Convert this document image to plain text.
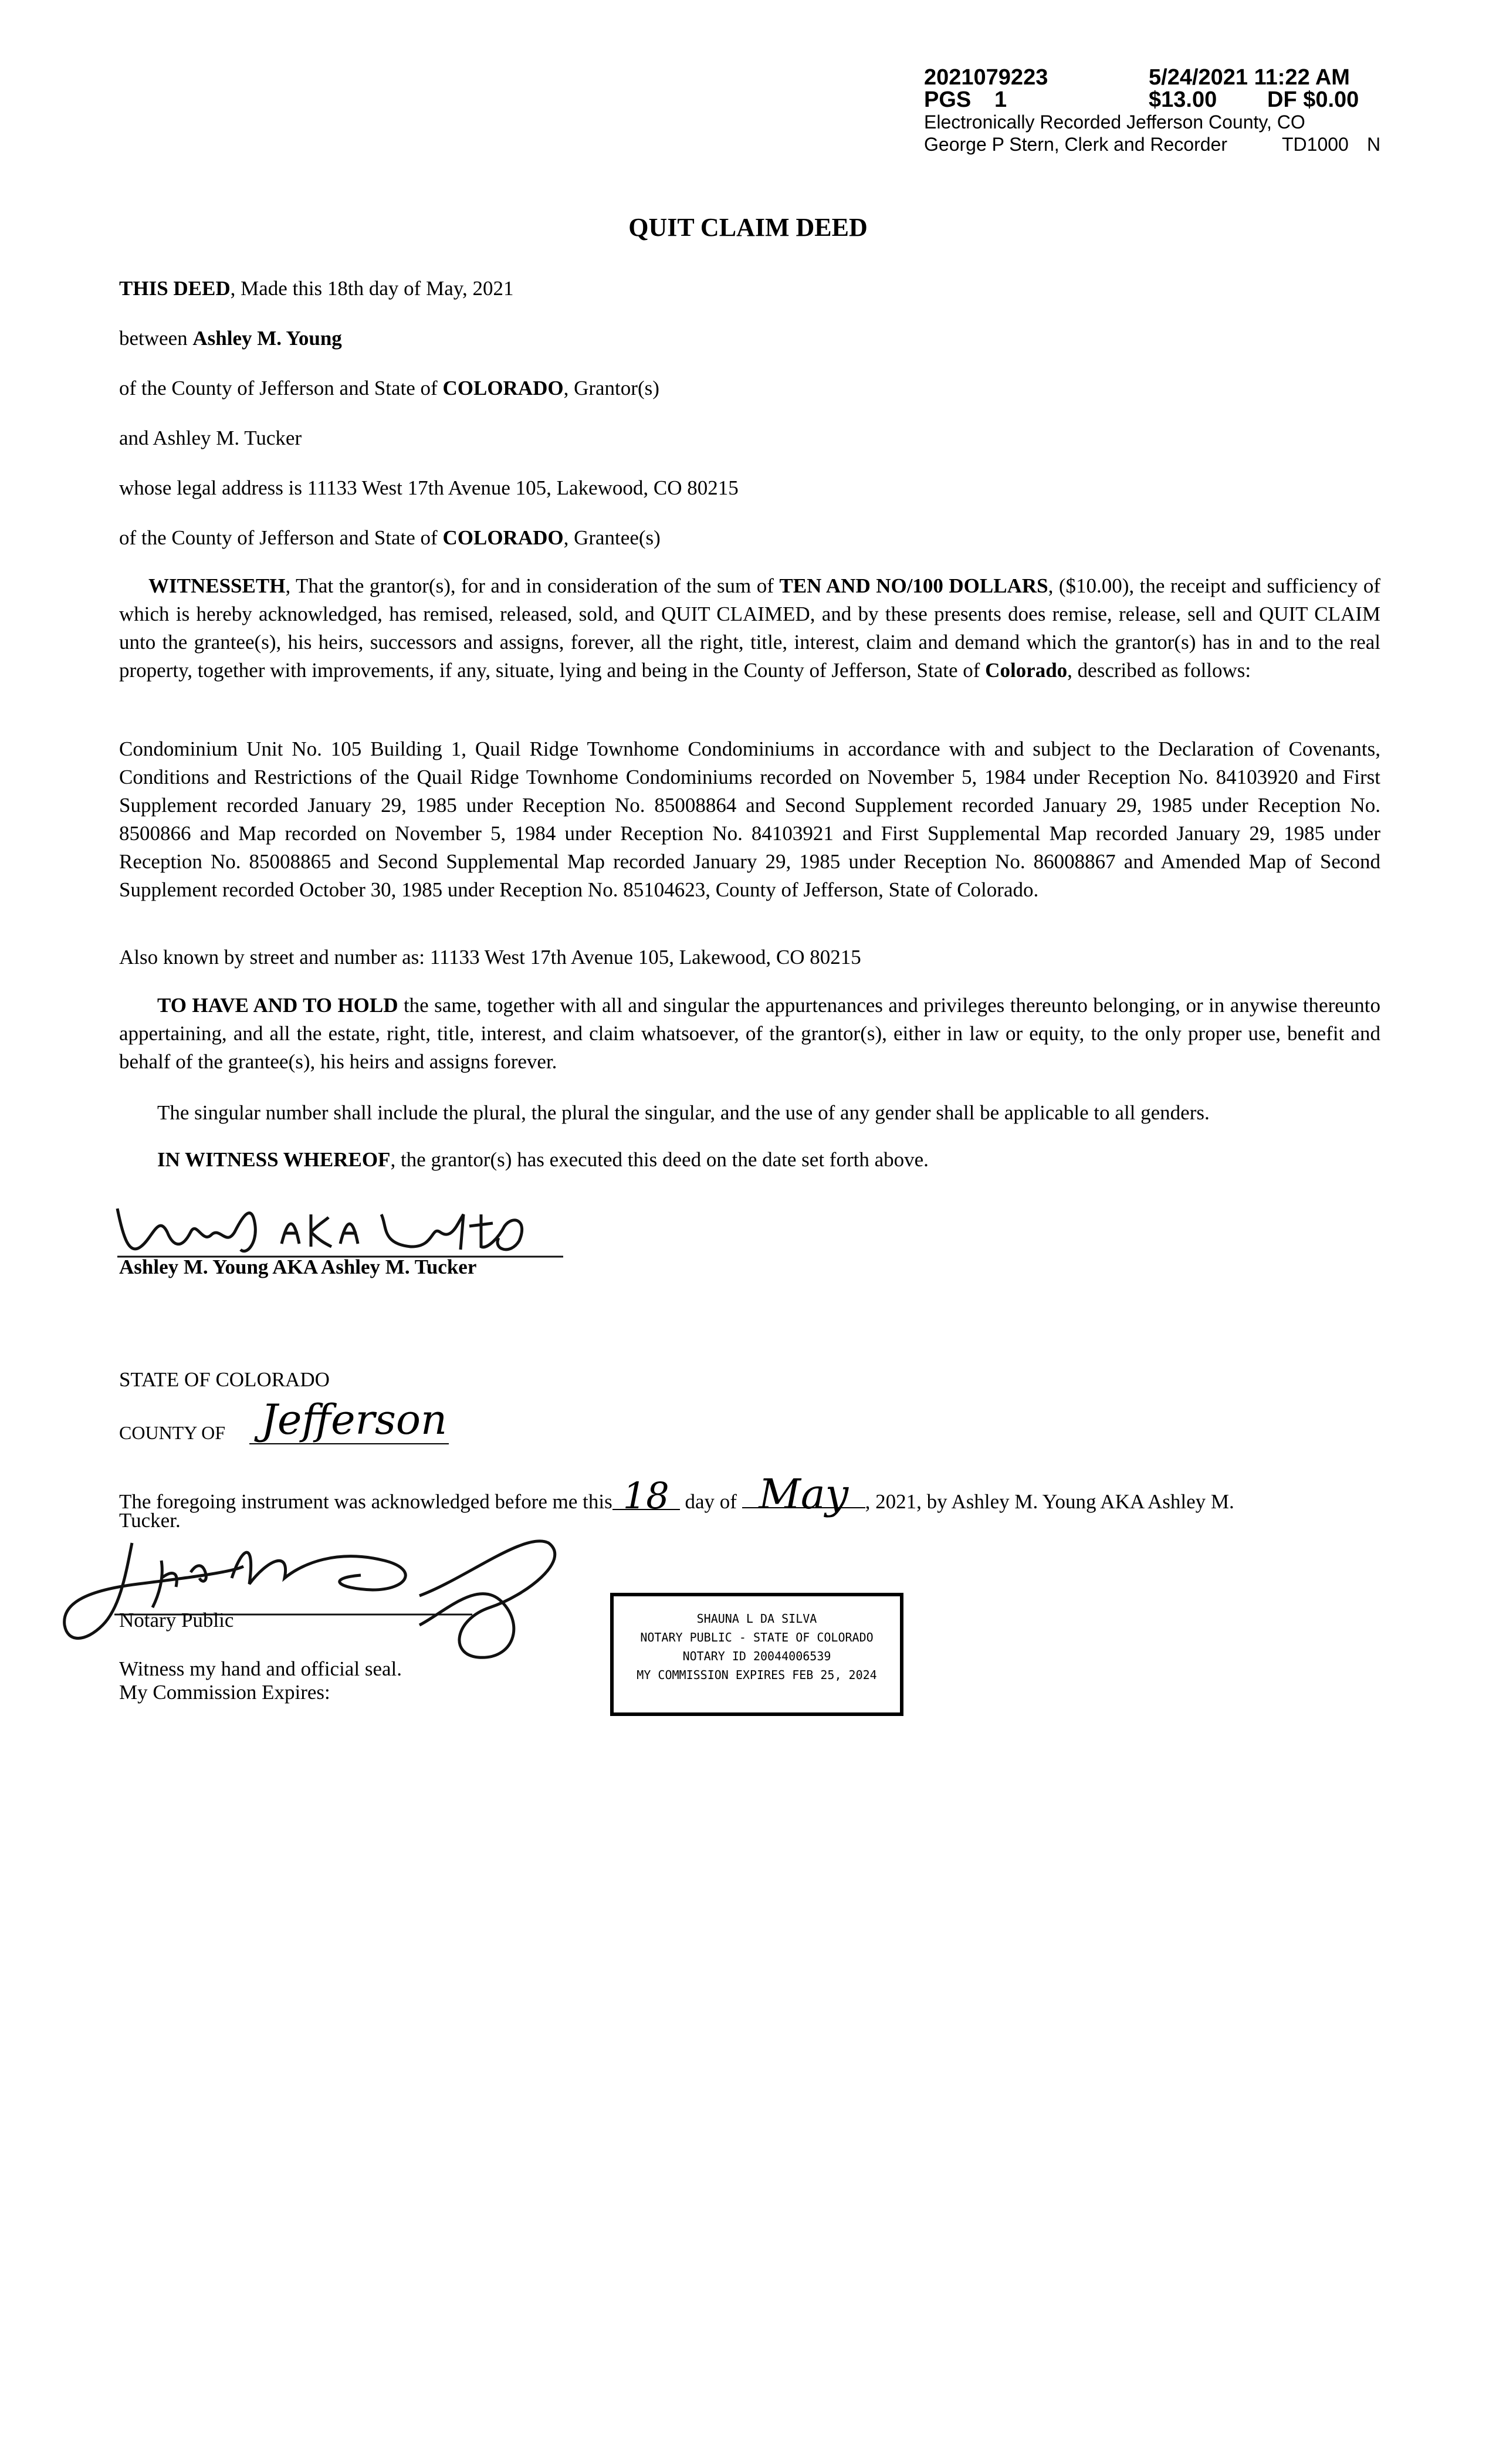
2021079223	5/24/2021 11:22 AM
PGS 1	$13.00 DF $0.00
Electronically Recorded Jefferson County, CO
George P Stern, Clerk and Recorder	TD1000 N
QUIT CLAIM DEED
THIS DEED, Made this 18th day of May, 2021
between Ashley M. Young
of the County of Jefferson and State of COLORADO, Grantor(s)
and Ashley M. Tucker
whose legal address is 11133 West 17th Avenue 105, Lakewood, CO 80215
of the County of Jefferson and State of COLORADO, Grantee(s)
WITNESSETH, That the grantor(s), for and in consideration of the sum of TEN AND NO/100 DOLLARS, ($10.00), the receipt and sufficiency of which is hereby acknowledged, has remised, released, sold, and QUIT CLAIMED, and by these presents does remise, release, sell and QUIT CLAIM unto the grantee(s), his heirs, successors and assigns, forever, all the right, title, interest, claim and demand which the grantor(s) has in and to the real property, together with improvements, if any, situate, lying and being in the County of Jefferson, State of Colorado, described as follows:
Condominium Unit No. 105 Building 1, Quail Ridge Townhome Condominiums in accordance with and subject to the Declaration of Covenants, Conditions and Restrictions of the Quail Ridge Townhome Condominiums recorded on November 5, 1984 under Reception No. 84103920 and First Supplement recorded January 29, 1985 under Reception No. 85008864 and Second Supplement recorded January 29, 1985 under Reception No. 8500866 and Map recorded on November 5, 1984 under Reception No. 84103921 and First Supplemental Map recorded January 29, 1985 under Reception No. 85008865 and Second Supplemental Map recorded January 29, 1985 under Reception No. 86008867 and Amended Map of Second Supplement recorded October 30, 1985 under Reception No. 85104623, County of Jefferson, State of Colorado.
Also known by street and number as: 11133 West 17th Avenue 105, Lakewood, CO 80215
TO HAVE AND TO HOLD the same, together with all and singular the appurtenances and privileges thereunto belonging, or in anywise thereunto appertaining, and all the estate, right, title, interest, and claim whatsoever, of the grantor(s), either in law or equity, to the only proper use, benefit and behalf of the grantee(s), his heirs and assigns forever.
The singular number shall include the plural, the plural the singular, and the use of any gender shall be applicable to all genders.
IN WITNESS WHEREOF, the grantor(s) has executed this deed on the date set forth above.
Ashley M. Young AKA Ashley M. Tucker
STATE OF COLORADO
COUNTY OF Jefferson
The foregoing instrument was acknowledged before me this 18 day of May , 2021, by Ashley M. Young AKA Ashley M.
Tucker.
Notary Public
Witness my hand and official seal.
My Commission Expires:
SHAUNA L DA SILVA
NOTARY PUBLIC - STATE OF COLORADO
NOTARY ID 20044006539
MY COMMISSION EXPIRES FEB 25, 2024
